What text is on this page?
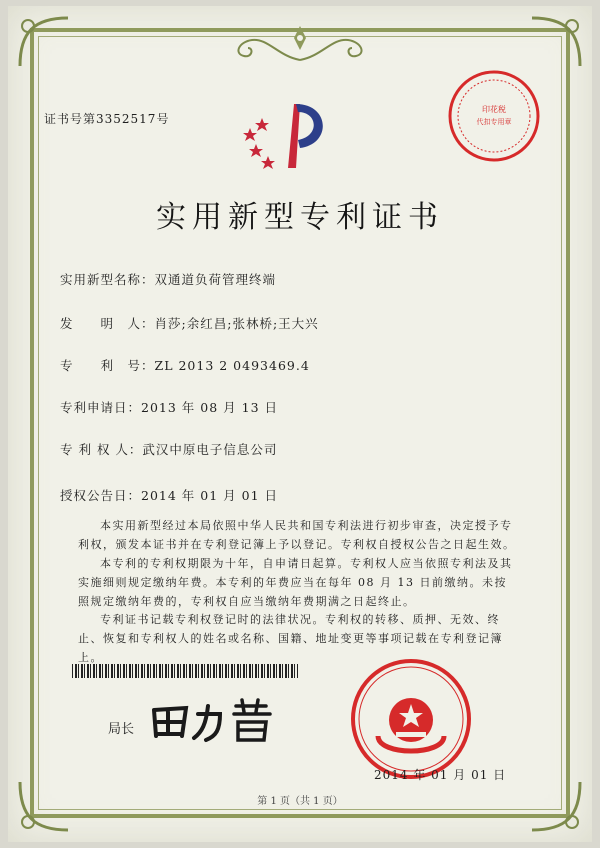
证书号第3352517号
印花税
代扣专用章
实用新型专利证书
实用新型名称：双通道负荷管理终端
发　　明　人：肖莎;余红昌;张林桥;王大兴
专　　利　号：ZL 2013 2 0493469.4
专利申请日：2013 年 08 月 13 日
专 利 权 人：武汉中原电子信息公司
授权公告日：2014 年 01 月 01 日
本实用新型经过本局依照中华人民共和国专利法进行初步审查，决定授予专利权，颁发本证书并在专利登记簿上予以登记。专利权自授权公告之日起生效。
本专利的专利权期限为十年，自申请日起算。专利权人应当依照专利法及其实施细则规定缴纳年费。本专利的年费应当在每年 08 月 13 日前缴纳。未按照规定缴纳年费的，专利权自应当缴纳年费期满之日起终止。
专利证书记载专利权登记时的法律状况。专利权的转移、质押、无效、终止、恢复和专利权人的姓名或名称、国籍、地址变更等事项记载在专利登记簿上。
局长
2014 年 01 月 01 日
第 1 页（共 1 页）
